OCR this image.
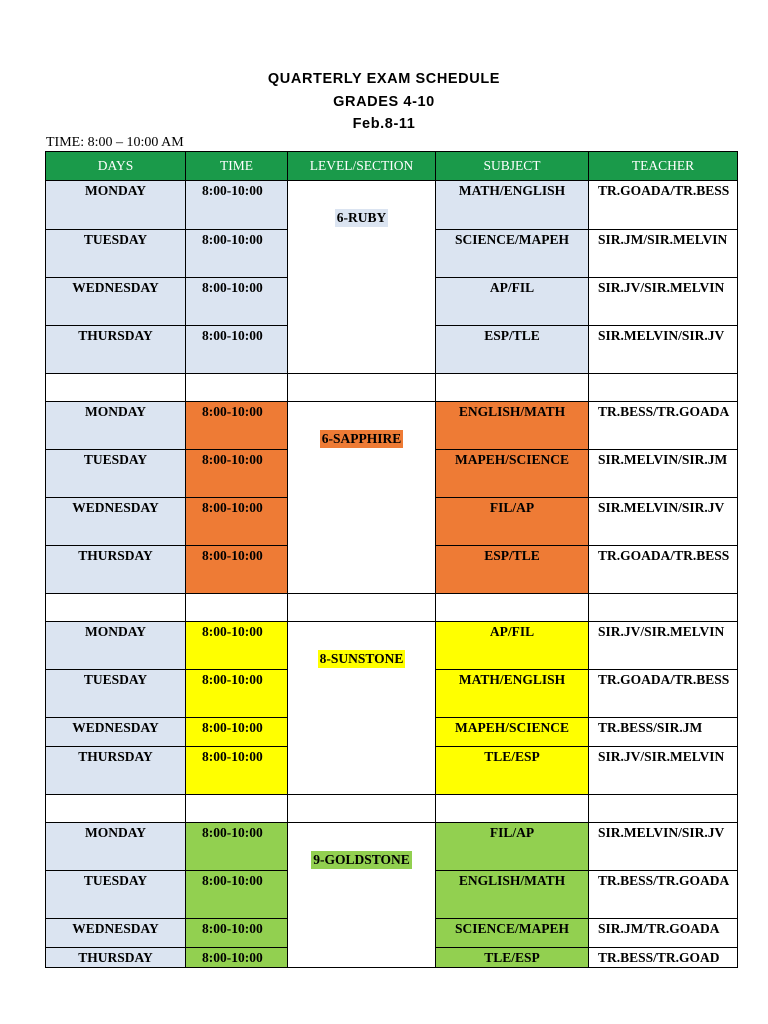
QUARTERLY EXAM SCHEDULE
GRADES 4-10
Feb.8-11
TIME: 8:00 – 10:00 AM
DAYS	TIME	LEVEL/SECTION	SUBJECT	TEACHER
MONDAY	8:00-10:00	6-RUBY	MATH/ENGLISH	TR.GOADA/TR.BESS
TUESDAY	8:00-10:00		SCIENCE/MAPEH	SIR.JM/SIR.MELVIN
WEDNESDAY	8:00-10:00		AP/FIL	SIR.JV/SIR.MELVIN
THURSDAY	8:00-10:00		ESP/TLE	SIR.MELVIN/SIR.JV

MONDAY	8:00-10:00	6-SAPPHIRE	ENGLISH/MATH	TR.BESS/TR.GOADA
TUESDAY	8:00-10:00		MAPEH/SCIENCE	SIR.MELVIN/SIR.JM
WEDNESDAY	8:00-10:00		FIL/AP	SIR.MELVIN/SIR.JV
THURSDAY	8:00-10:00		ESP/TLE	TR.GOADA/TR.BESS

MONDAY	8:00-10:00	8-SUNSTONE	AP/FIL	SIR.JV/SIR.MELVIN
TUESDAY	8:00-10:00		MATH/ENGLISH	TR.GOADA/TR.BESS
WEDNESDAY	8:00-10:00		MAPEH/SCIENCE	TR.BESS/SIR.JM
THURSDAY	8:00-10:00		TLE/ESP	SIR.JV/SIR.MELVIN

MONDAY	8:00-10:00	9-GOLDSTONE	FIL/AP	SIR.MELVIN/SIR.JV
TUESDAY	8:00-10:00		ENGLISH/MATH	TR.BESS/TR.GOADA
WEDNESDAY	8:00-10:00		SCIENCE/MAPEH	SIR.JM/TR.GOADA
THURSDAY	8:00-10:00		TLE/ESP	TR.BESS/TR.GOAD
